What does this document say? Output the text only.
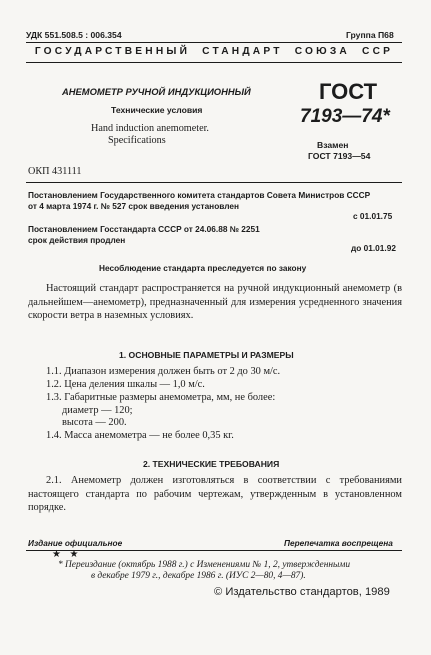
УДК 551.508.5 : 006.354	Группа П68
ГОСУДАРСТВЕННЫЙ  СТАНДАРТ  СОЮЗА  ССР
АНЕМОМЕТР РУЧНОЙ ИНДУКЦИОННЫЙ
Технические условия
Hand induction anemometer.
Specifications
ГОСТ
7193—74*
Взамен
ГОСТ 7193—54
ОКП 431111
Постановлением Государственного комитета стандартов Совета Министров СССР
от 4 марта 1974 г. № 527 срок введения установлен
с 01.01.75
Постановлением Госстандарта СССР от 24.06.88 № 2251
срок действия продлен
до 01.01.92
Несоблюдение стандарта преследуется по закону
Настоящий стандарт распространяется на ручной индукционный анемометр (в дальнейшем—анемометр), предназначенный для измерения усредненного значения скорости ветра в наземных условиях.
1. ОСНОВНЫЕ ПАРАМЕТРЫ И РАЗМЕРЫ
1.1. Диапазон измерения должен быть от 2 до 30 м/с.
1.2. Цена деления шкалы — 1,0 м/с.
1.3. Габаритные размеры анемометра, мм, не более:
диаметр — 120;
высота — 200.
1.4. Масса анемометра — не более 0,35 кг.
2. ТЕХНИЧЕСКИЕ ТРЕБОВАНИЯ
2.1. Анемометр должен изготовляться в соответствии с требованиями настоящего стандарта по рабочим чертежам, утвержденным в установленном порядке.
Издание официальное	Перепечатка воспрещена
★ ★
* Переиздание (октябрь 1988 г.) с Изменениями № 1, 2, утвержденными
в декабре 1979 г., декабре 1986 г. (ИУС 2—80, 4—87).
© Издательство стандартов, 1989
